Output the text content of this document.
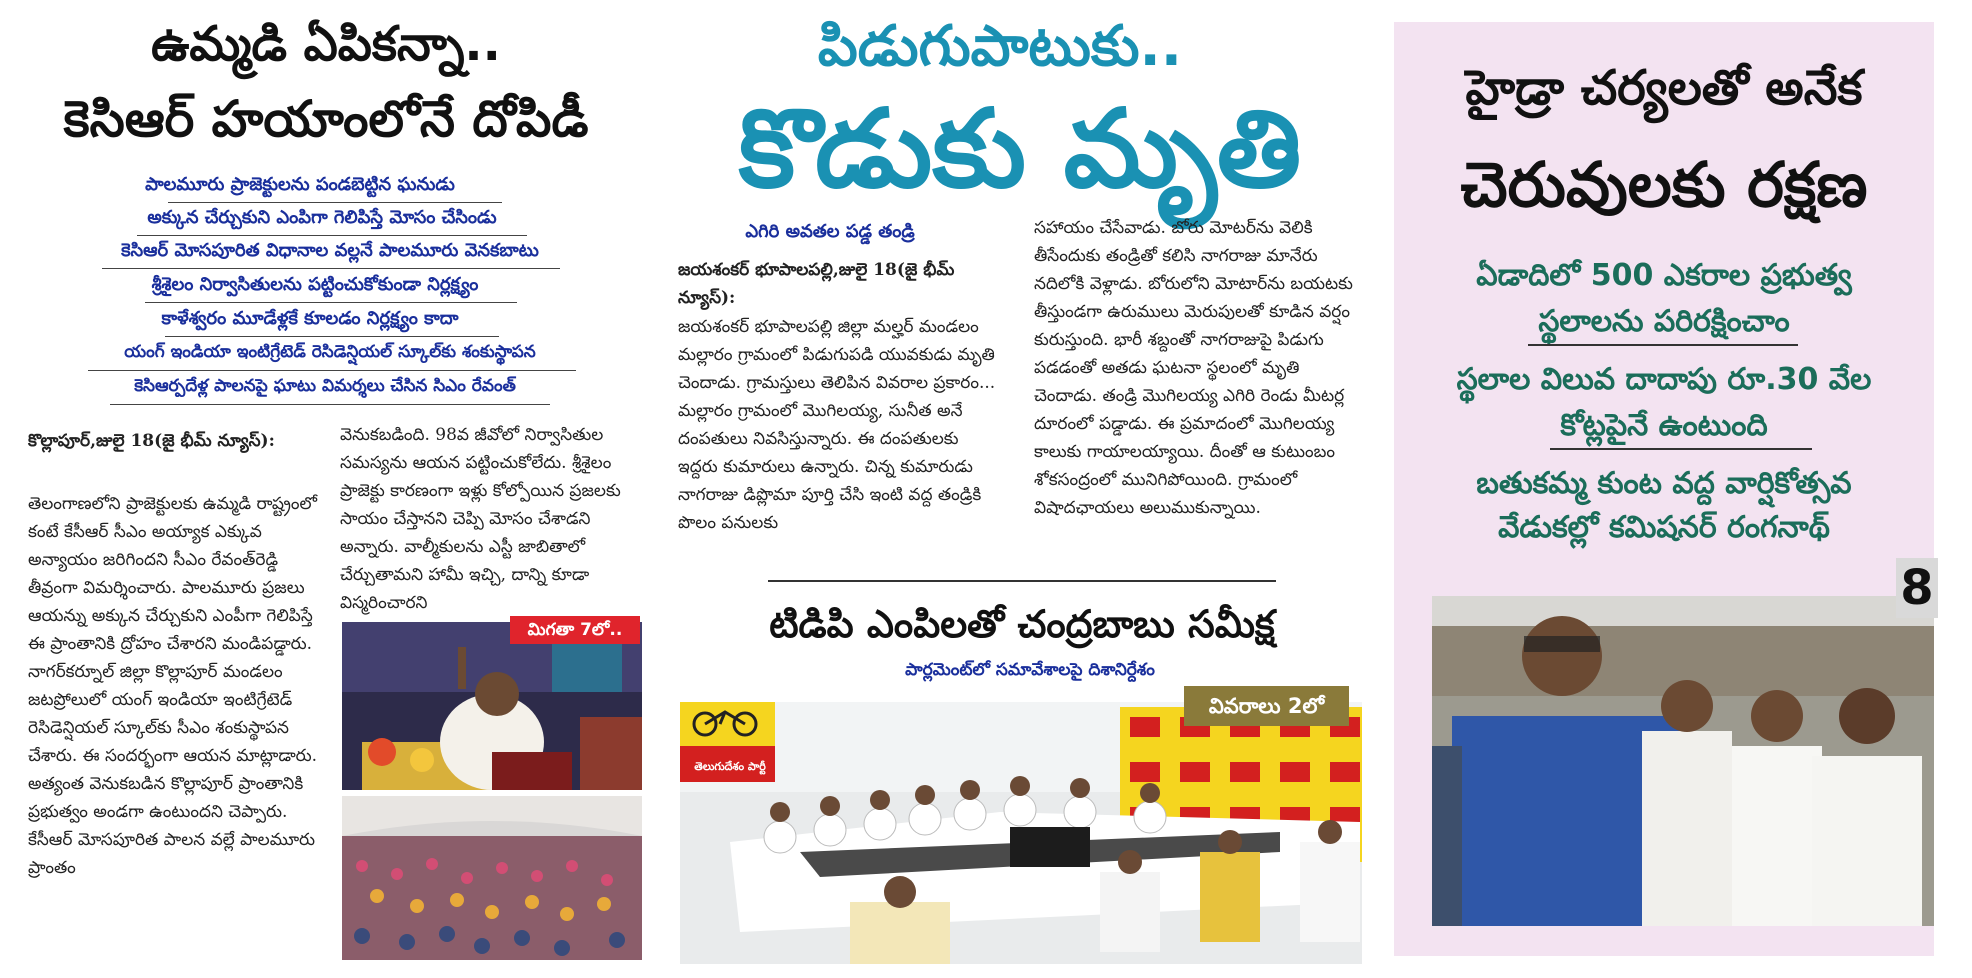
ఉమ్మడి ఏపికన్నా..
కెసిఆర్ హయాంలోనే దోపిడీ
పాలమూరు ప్రాజెక్టులను పండబెట్టిన ఘనుడు
అక్కున చేర్చుకుని ఎంపిగా గెలిపిస్తే మోసం చేసిండు
కెసిఆర్ మోసపూరిత విధానాల వల్లనే పాలమూరు వెనకబాటు
శ్రీశైలం నిర్వాసితులను పట్టించుకోకుండా నిర్లక్ష్యం
కాళేశ్వరం మూడేళ్లకే కూలడం నిర్లక్ష్యం కాదా
యంగ్ ఇండియా ఇంటిగ్రేటెడ్ రెసిడెన్షియల్ స్కూల్‌కు శంకుస్థాపన
కెసిఆర్పదేళ్ల పాలనపై ఘాటు విమర్శలు చేసిన సిఎం రేవంత్
కొల్లాపూర్,జులై 18(జై భీమ్ న్యూస్):
తెలంగాణలోని ప్రాజెక్టులకు ఉమ్మడి రాష్ట్రంలో కంటే కేసీఆర్ సీఎం అయ్యాక ఎక్కువ అన్యాయం జరిగిందని సీఎం రేవంత్‌రెడ్డి తీవ్రంగా విమర్శించారు. పాలమూరు ప్రజలు ఆయన్ను అక్కున చేర్చుకుని ఎంపీగా గెలిపిస్తే ఈ ప్రాంతానికి ద్రోహం చేశారని మండిపడ్డారు. నాగర్‌కర్నూల్ జిల్లా కొల్లాపూర్ మండలం జటప్రోలులో యంగ్ ఇండియా ఇంటిగ్రేటెడ్ రెసిడెన్షియల్ స్కూల్‌కు సీఎం శంకుస్థాపన చేశారు. ఈ సందర్భంగా ఆయన మాట్లాడారు. అత్యంత వెనుకబడిన కొల్లాపూర్ ప్రాంతానికి ప్రభుత్వం అండగా ఉంటుందని చెప్పారు. కేసీఆర్ మోసపూరిత పాలన వల్లే పాలమూరు ప్రాంతం
వెనుకబడింది. 98వ జీవోలో నిర్వాసితుల సమస్యను ఆయన పట్టించుకోలేదు. శ్రీశైలం ప్రాజెక్టు కారణంగా ఇళ్లు కోల్పోయిన ప్రజలకు సాయం చేస్తానని చెప్పి మోసం చేశాడని అన్నారు. వాల్మీకులను ఎస్టీ జాబితాలో చేర్చుతామని హామీ ఇచ్చి, దాన్ని కూడా విస్మరించారని
మిగతా 7లో..
పిడుగుపాటుకు..
కొడుకు మృతి
ఎగిరి అవతల పడ్డ తండ్రి
జయశంకర్ భూపాలపల్లి,జులై 18(జై భీమ్ న్యూస్):
జయశంకర్ భూపాలపల్లి జిల్లా మల్హర్ మండలం మల్లారం గ్రామంలో పిడుగుపడి యువకుడు మృతి చెందాడు. గ్రామస్తులు తెలిపిన వివరాల ప్రకారం... మల్లారం గ్రామంలో మొగిలయ్య, సునీత అనే దంపతులు నివసిస్తున్నారు. ఈ దంపతులకు ఇద్దరు కుమారులు ఉన్నారు. చిన్న కుమారుడు నాగరాజు డిప్లొమా పూర్తి చేసి ఇంటి వద్ద తండ్రికి పొలం పనులకు
సహాయం చేసేవాడు. బోరు మోటర్‌ను వెలికి తీసేందుకు తండ్రితో కలిసి నాగరాజు మానేరు నదిలోకి వెళ్లాడు. బోరులోని మోటార్‌ను బయటకు తీస్తుండగా ఉరుములు మెరుపులతో కూడిన వర్షం కురుస్తుంది. భారీ శబ్దంతో నాగరాజుపై పిడుగు పడడంతో అతడు ఘటనా స్థలంలో మృతి చెందాడు. తండ్రి మొగిలయ్య ఎగిరి రెండు మీటర్ల దూరంలో పడ్డాడు. ఈ ప్రమాదంలో మొగిలయ్య కాలుకు గాయాలయ్యాయి. దీంతో ఆ కుటుంబం శోకసంద్రంలో మునిగిపోయింది. గ్రామంలో విషాదఛాయలు అలుముకున్నాయి.
టిడిపి ఎంపిలతో చంద్రబాబు సమీక్ష
పార్లమెంట్‌లో సమావేశాలపై దిశానిర్దేశం
తెలుగుదేశం పార్టీ
వివరాలు 2లో
హైడ్రా చర్యలతో అనేక
చెరువులకు రక్షణ
ఏడాదిలో 500 ఎకరాల ప్రభుత్వ
స్థలాలను పరిరక్షించాం
స్థలాల విలువ దాదాపు రూ.30 వేల
కోట్లపైనే ఉంటుంది
బతుకమ్మ కుంట వద్ద వార్షికోత్సవ
వేడుకల్లో కమిషనర్ రంగనాథ్
8
